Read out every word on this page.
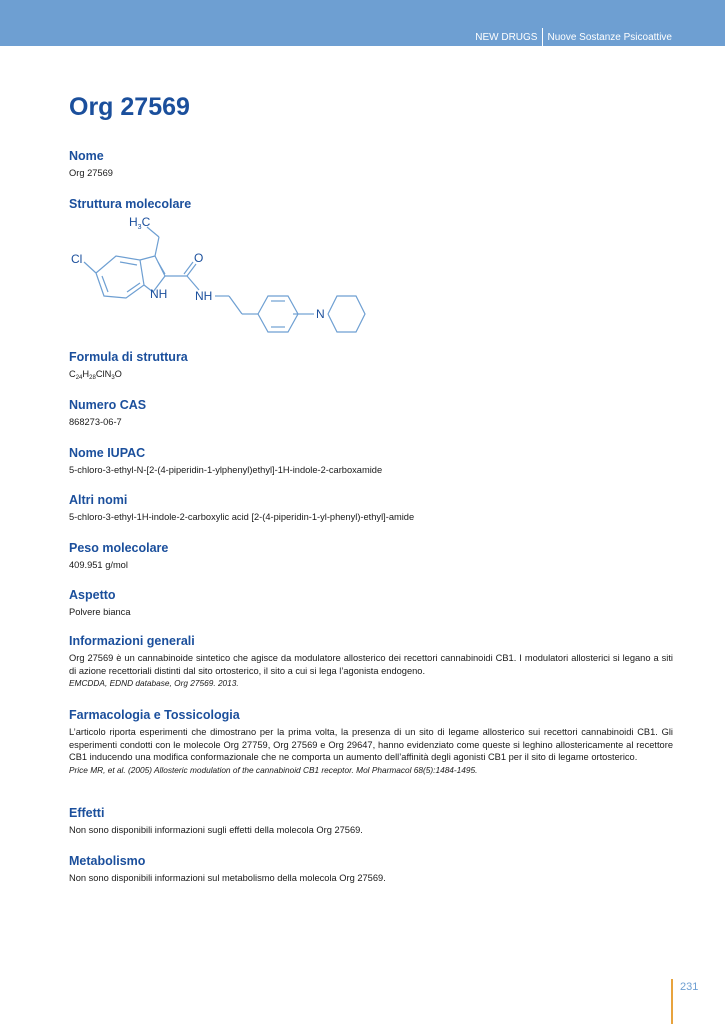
NEW DRUGS Nuove Sostanze Psicoattive
Org 27569
Nome

Org 27569

Struttura molecolare
$H_3C$
Cl	O
NH NH
N
Formula di struttura

$C_{24}H_{28}ClN_3O$

Numero CAS

868273-06-7

Nome IUPAC

5-chloro-3-ethyl-N-[2-(4-piperidin-1-ylphenyl)ethyl]-1H-indole-2-carboxamide

Altri nomi

5-chloro-3-ethyl-1H-indole-2-carboxylic acid [2-(4-piperidin-1-yl-phenyl)-ethyl]-amide

Peso molecolare

409.951 g/mol

Aspetto

Polvere bianca

Informazioni generali

Org 27569 è un cannabinoide sintetico che agisce da modulatore allosterico dei recettori cannabinoidi CB1. I modulatori allosterici si legano a siti di azione recettoriali distinti dal sito ortosterico, il sito a cui si lega l’agonista endogeno.

EMCDDA, EDND database, Org 27569. 2013.

Farmacologia e Tossicologia

L’articolo riporta esperimenti che dimostrano per la prima volta, la presenza di un sito di legame allosterico sui recettori cannabinoidi CB1. Gli esperimenti condotti con le molecole Org 27759, Org 27569 e Org 29647, hanno evidenziato come queste si leghino allostericamente al recettore CB1 inducendo una modifica conformazionale che ne comporta un aumento dell’affinità degli agonisti CB1 per il sito di legame ortosterico.

Price MR, et al. (2005) Allosteric modulation of the cannabinoid CB1 receptor. Mol Pharmacol 68(5):1484-1495.

Effetti

Non sono disponibili informazioni sugli effetti della molecola Org 27569.

Metabolismo

Non sono disponibili informazioni sul metabolismo della molecola Org 27569.

231
